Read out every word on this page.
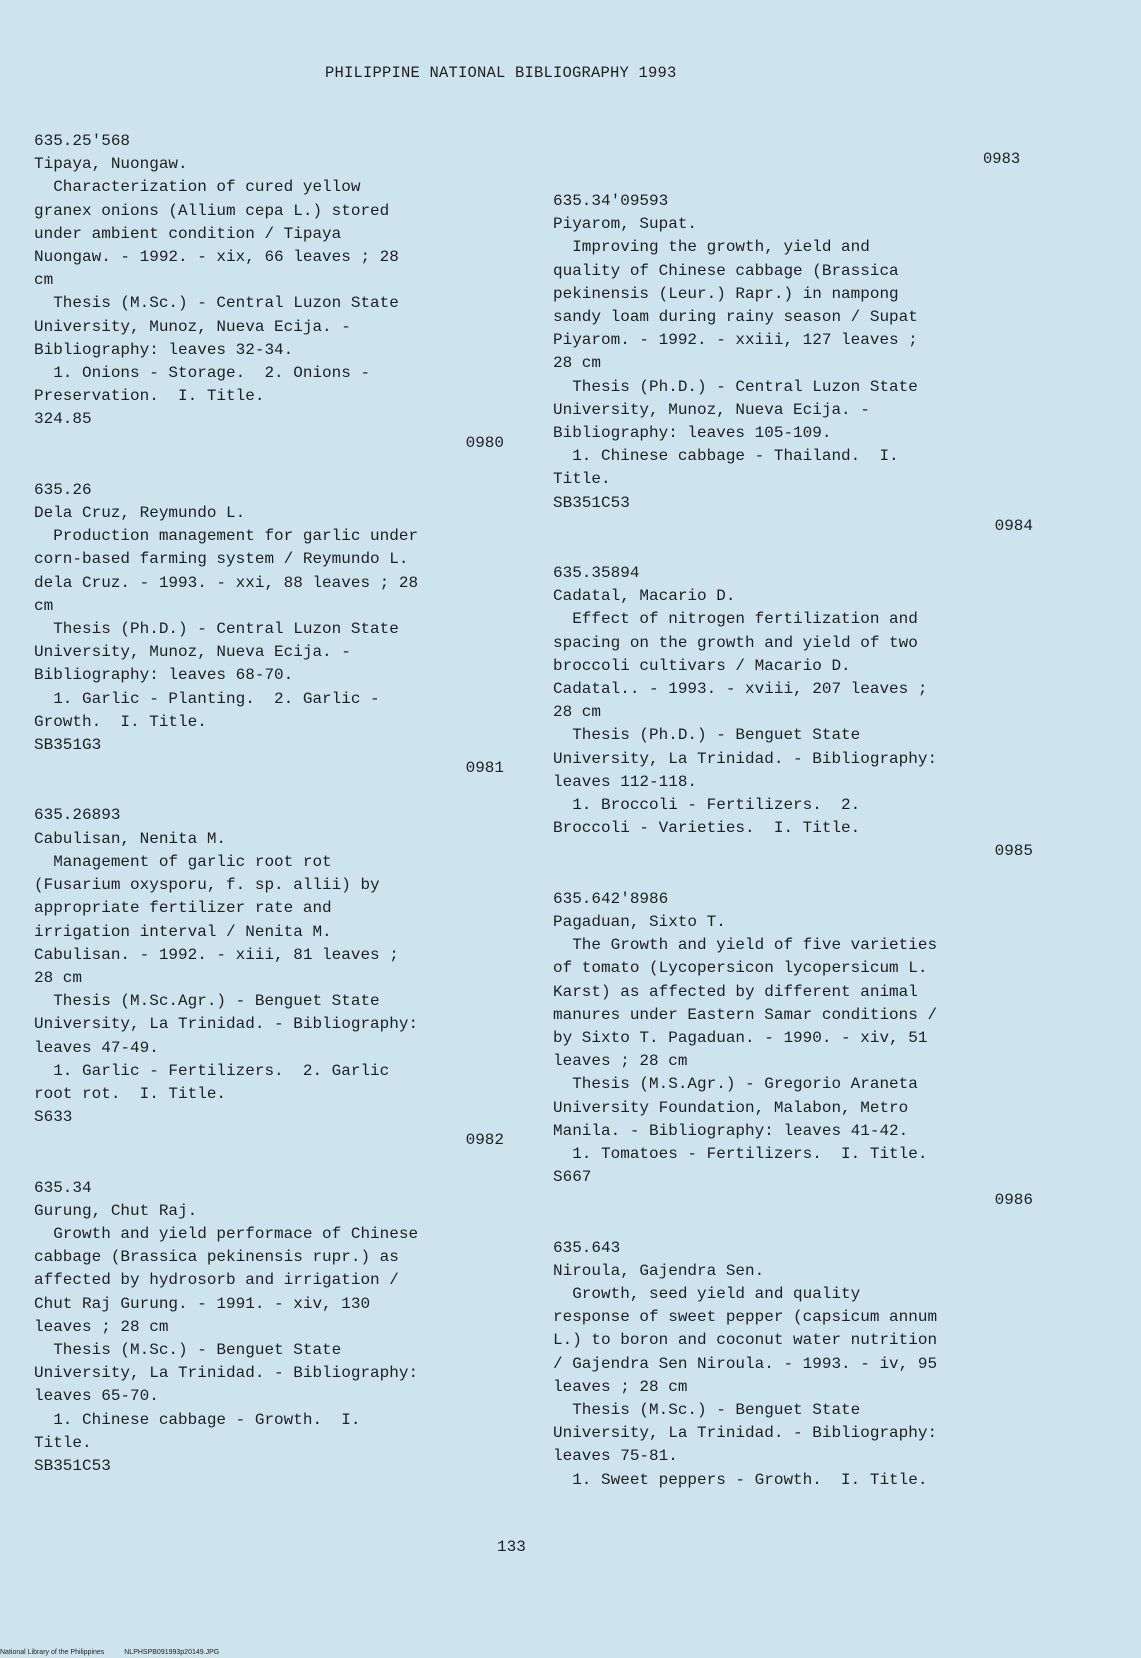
PHILIPPINE NATIONAL BIBLIOGRAPHY 1993
0983
635.25'568
Tipaya, Nuongaw.
Characterization of cured yellow
granex onions (Allium cepa L.) stored
under ambient condition / Tipaya
Nuongaw. - 1992. - xix, 66 leaves ; 28
cm
Thesis (M.Sc.) - Central Luzon State
University, Munoz, Nueva Ecija. -
Bibliography: leaves 32-34.
1. Onions - Storage.  2. Onions -
Preservation.  I. Title.
324.85
0980
635.26
Dela Cruz, Reymundo L.
Production management for garlic under
corn-based farming system / Reymundo L.
dela Cruz. - 1993. - xxi, 88 leaves ; 28
cm
Thesis (Ph.D.) - Central Luzon State
University, Munoz, Nueva Ecija. -
Bibliography: leaves 68-70.
1. Garlic - Planting.  2. Garlic -
Growth.  I. Title.
SB351G3
0981
635.26893
Cabulisan, Nenita M.
Management of garlic root rot
(Fusarium oxysporu, f. sp. allii) by
appropriate fertilizer rate and
irrigation interval / Nenita M.
Cabulisan. - 1992. - xiii, 81 leaves ;
28 cm
Thesis (M.Sc.Agr.) - Benguet State
University, La Trinidad. - Bibliography:
leaves 47-49.
1. Garlic - Fertilizers.  2. Garlic
root rot.  I. Title.
S633
0982
635.34
Gurung, Chut Raj.
Growth and yield performace of Chinese
cabbage (Brassica pekinensis rupr.) as
affected by hydrosorb and irrigation /
Chut Raj Gurung. - 1991. - xiv, 130
leaves ; 28 cm
Thesis (M.Sc.) - Benguet State
University, La Trinidad. - Bibliography:
leaves 65-70.
1. Chinese cabbage - Growth.  I.
Title.
SB351C53
635.34'09593
Piyarom, Supat.
Improving the growth, yield and
quality of Chinese cabbage (Brassica
pekinensis (Leur.) Rapr.) in nampong
sandy loam during rainy season / Supat
Piyarom. - 1992. - xxiii, 127 leaves ;
28 cm
Thesis (Ph.D.) - Central Luzon State
University, Munoz, Nueva Ecija. -
Bibliography: leaves 105-109.
1. Chinese cabbage - Thailand.  I.
Title.
SB351C53
0984
635.35894
Cadatal, Macario D.
Effect of nitrogen fertilization and
spacing on the growth and yield of two
broccoli cultivars / Macario D.
Cadatal.. - 1993. - xviii, 207 leaves ;
28 cm
Thesis (Ph.D.) - Benguet State
University, La Trinidad. - Bibliography:
leaves 112-118.
1. Broccoli - Fertilizers.  2.
Broccoli - Varieties.  I. Title.
0985
635.642'8986
Pagaduan, Sixto T.
The Growth and yield of five varieties
of tomato (Lycopersicon lycopersicum L.
Karst) as affected by different animal
manures under Eastern Samar conditions /
by Sixto T. Pagaduan. - 1990. - xiv, 51
leaves ; 28 cm
Thesis (M.S.Agr.) - Gregorio Araneta
University Foundation, Malabon, Metro
Manila. - Bibliography: leaves 41-42.
1. Tomatoes - Fertilizers.  I. Title.
S667
0986
635.643
Niroula, Gajendra Sen.
Growth, seed yield and quality
response of sweet pepper (capsicum annum
L.) to boron and coconut water nutrition
/ Gajendra Sen Niroula. - 1993. - iv, 95
leaves ; 28 cm
Thesis (M.Sc.) - Benguet State
University, La Trinidad. - Bibliography:
leaves 75-81.
1. Sweet peppers - Growth.  I. Title.
133
National Library of the Philippines	NLPHSPB091993p20149.JPG
